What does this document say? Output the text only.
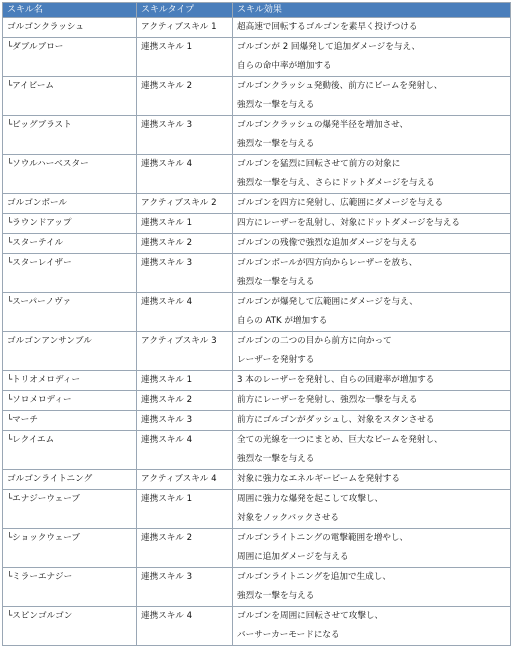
スキル名	スキルタイプ	スキル効果
ゴルゴンクラッシュ	アクティブスキル 1	超高速で回転するゴルゴンを素早く投げつける

└ダブルブロー	連携スキル 1	ゴルゴンが 2 回爆発して追加ダメージを与え、
自らの命中率が増加する

└アイビーム	連携スキル 2	ゴルゴンクラッシュ発動後、前方にビームを発射し、
強烈な一撃を与える

└ビッグブラスト	連携スキル 3	ゴルゴンクラッシュの爆発半径を増加させ、
強烈な一撃を与える

└ソウルハーベスター	連携スキル 4	ゴルゴンを猛烈に回転させて前方の対象に
強烈な一撃を与え、さらにドットダメージを与える

ゴルゴンボール	アクティブスキル 2	ゴルゴンを四方に発射し、広範囲にダメージを与える

└ラウンドアップ	連携スキル 1	四方にレーザーを乱射し、対象にドットダメージを与える

└スターテイル	連携スキル 2	ゴルゴンの残像で強烈な追加ダメージを与える

└スターレイザー	連携スキル 3	ゴルゴンボールが四方向からレーザーを放ち、
強烈な一撃を与える

└スーパーノヴァ	連携スキル 4	ゴルゴンが爆発して広範囲にダメージを与え、
自らの ATK が増加する

ゴルゴンアンサンブル	アクティブスキル 3	ゴルゴンの二つの目から前方に向かって
レーザーを発射する

└トリオメロディー	連携スキル 1	3 本のレーザーを発射し、自らの回避率が増加する

└ソロメロディー	連携スキル 2	前方にレーザーを発射し、強烈な一撃を与える

└マーチ	連携スキル 3	前方にゴルゴンがダッシュし、対象をスタンさせる

└レクイエム	連携スキル 4	全ての光線を一つにまとめ、巨大なビームを発射し、
強烈な一撃を与える

ゴルゴンライトニング	アクティブスキル 4	対象に強力なエネルギービームを発射する

└エナジーウェーブ	連携スキル 1	周囲に強力な爆発を起こして攻撃し、
対象をノックバックさせる

└ショックウェーブ	連携スキル 2	ゴルゴンライトニングの電撃範囲を増やし、
周囲に追加ダメージを与える

└ミラーエナジー	連携スキル 3	ゴルゴンライトニングを追加で生成し、
強烈な一撃を与える

└スピンゴルゴン	連携スキル 4	ゴルゴンを周囲に回転させて攻撃し、
バーサーカーモードになる
